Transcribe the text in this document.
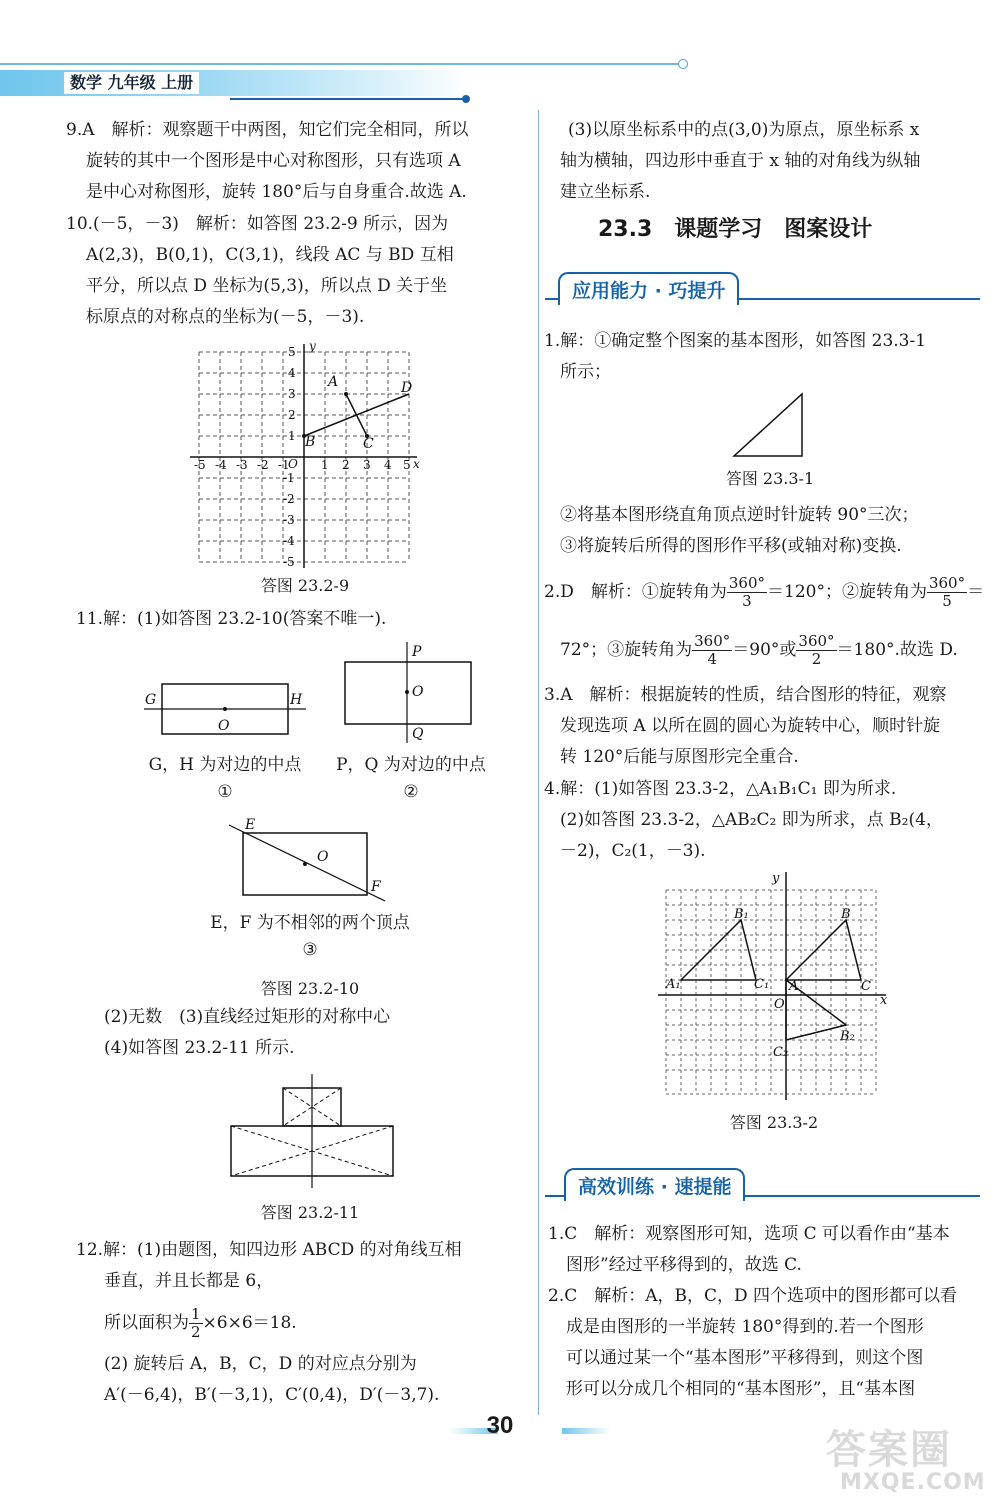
数学 九年级 上册

9.A　解析：观察题干中两图，知它们完全相同，所以

旋转的其中一个图形是中心对称图形，只有选项 A

是中心对称图形，旋转 180°后与自身重合.故选 A.

10.(－5，－3)　解析：如答图 23.2-9 所示，因为

A(2,3)，B(0,1)，C(3,1)，线段 AC 与 BD 互相

平分，所以点 D 坐标为(5,3)，所以点 D 关于坐

标原点的对称点的坐标为(－5，－3).

x
y
O
-5 -4 -3 -2 -1	1 2 3 4 5
5
4
3
2
1
-1
-2
-3
-4
-5
A
B	C
D
答图 23.2-9

11.解：(1)如答图 23.2-10(答案不唯一).

G	H
O
G，H 为对边的中点
①
P
O
Q
P，Q 为对边的中点
②
E
O
F
E，F 为不相邻的两个顶点
③
答图 23.2-10

(2)无数　(3)直线经过矩形的对称中心

(4)如答图 23.2-11 所示.

答图 23.2-11

12.解：(1)由题图，知四边形 ABCD 的对角线互相

垂直，并且长都是 6，

所以面积为 $\frac{1}{2} \times 6\times 6=18$.

(2) 旋转后 A，B，C，D 的对应点分别为

A′(－6,4)，B′(－3,1)，C′(0,4)，D′(－3,7).

(3)以原坐标系中的点(3,0)为原点，原坐标系 x

轴为横轴，四边形中垂直于 x 轴的对角线为纵轴

建立坐标系.

23.3　课题学习　图案设计
应用能力 · 巧提升

1.解：①确定整个图案的基本图形，如答图 23.3-1

所示；

答图 23.3-1

②将基本图形绕直角顶点逆时针旋转 90°三次；

③将旋转后所得的图形作平移(或轴对称)变换.

2.D　解析：①旋转角为 $\frac{360^\circ}{3} =120^\circ$；②旋转角为 $\frac{360^\circ}{5}$ ＝
72°；③旋转角为 $\frac{360^\circ}{4} =90^\circ$或 $\frac{360^\circ}{2} =180^\circ$.故选 D.

3.A　解析：根据旋转的性质，结合图形的特征，观察

发现选项 A 以所在圆的圆心为旋转中心，顺时针旋

转 120°后能与原图形完全重合.

4.解：(1)如答图 23.3-2，△A₁B₁C₁ 即为所求.

(2)如答图 23.3-2，△AB₂C₂ 即为所求，点 B₂(4，

－2)，C₂(1，－3).

x
y
O
A₁
B₁
C₁ A
B
C
B₂
C₂
答图 23.3-2
高效训练 · 速提能

1.C　解析：观察图形可知，选项 C 可以看作由“基本

图形”经过平移得到的，故选 C.

2.C　解析：A，B，C，D 四个选项中的图形都可以看

成是由图形的一半旋转 180°得到的.若一个图形

可以通过某一个“基本图形”平移得到，则这个图

形可以分成几个相同的“基本图形”，且“基本图

30
答案圈
MXQE.COM
